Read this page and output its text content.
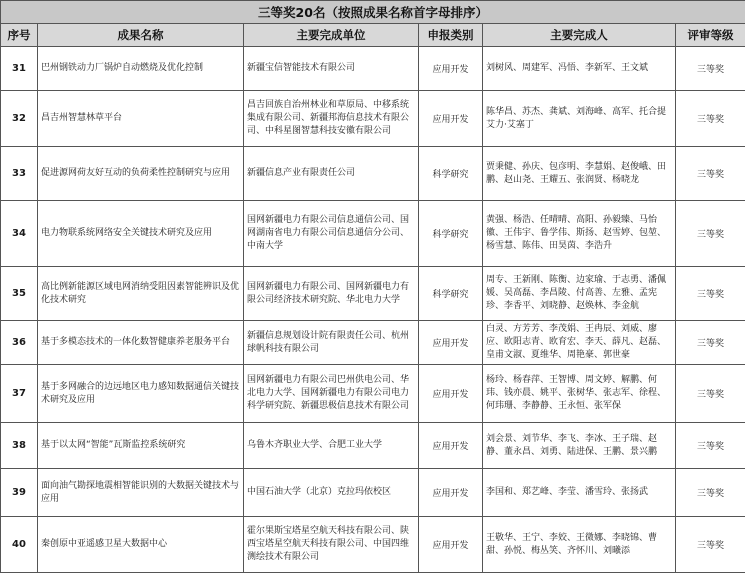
三等奖20名（按照成果名称首字母排序）					
序号	成果名称	主要完成单位	申报类别	主要完成人	评审等级
31	巴州钢铁动力厂锅炉自动燃烧及优化控制	新疆宝信智能技术有限公司	应用开发	刘树风、周建军、冯悟、李新军、王文斌	三等奖
32	昌吉州智慧林草平台	昌吉回族自治州林业和草原局、中移系统集成有限公司、新疆邦海信息技术有限公司、中科星图智慧科技安徽有限公司	应用开发	陈华昌、苏杰、龚斌、刘海峰、高军、托合提艾力·艾塞丁	三等奖
33	促进源网荷友好互动的负荷柔性控制研究与应用	新疆信息产业有限责任公司	科学研究	贾秉健、孙庆、包彦明、李慧娟、赵俊峨、田鹏、赵山尧、王耀五、张润贤、杨晓龙	三等奖
34	电力物联系统网络安全关键技术研究及应用	国网新疆电力有限公司信息通信公司、国网湖南省电力有限公司信息通信分公司、中南大学	科学研究	黄强、杨浩、任晴晴、高阳、孙毅臻、马怡徽、王伟宇、鲁学伟、斯扬、赵雪婷、包堃、杨雪慧、陈伟、田昊茵、李浩升	三等奖
35	高比例新能源区域电网消纳受阻因素智能辨识及优化技术研究	国网新疆电力有限公司、国网新疆电力有限公司经济技术研究院、华北电力大学	科学研究	周专、王新刚、陈衡、边家瑜、于志勇、潘佩媛、吴高磊、李昌陵、付高善、左雅、孟宪珍、李香平、刘晓静、赵焕林、李金航	三等奖
36	基于多模态技术的一体化数智健康养老服务平台	新疆信息规划设计院有限责任公司、杭州球帆科技有限公司	应用开发	白灵、方芳芳、李茂娟、王冉辰、刘威、廖应、欧阳志青、欧育宏、李天、薛凡、赵磊、皇甫文淑、夏维华、周艳豪、郭世豪	三等奖
37	基于多网融合的边远地区电力感知数据通信关键技术研究及应用	国网新疆电力有限公司巴州供电公司、华北电力大学、国网新疆电力有限公司电力科学研究院、新疆思极信息技术有限公司	应用开发	杨玲、杨春萍、王智博、周文婷、解鹏、何玮、钱亦晨、姚平、张树华、张志军、徐程、何玮珊、李静静、王永恒、张军保	三等奖
38	基于以太网“智能”瓦斯监控系统研究	乌鲁木齐职业大学、合肥工业大学	应用开发	刘会景、刘节华、李飞、李冰、王子瑞、赵静、董永昌、刘勇、陆进保、王鹏、景兴鹏	三等奖
39	面向油气勘探地震相智能识别的大数据关键技术与应用	中国石油大学（北京）克拉玛依校区	应用开发	李国和、郑艺峰、李莹、潘雪玲、张扬武	三等奖
40	秦创原中亚遥感卫星大数据中心	霍尔果斯宝塔星空航天科技有限公司、陕西宝塔星空航天科技有限公司、中国四维测绘技术有限公司	应用开发	王敬华、王宁、李姣、王微娜、李晓锦、曹甜、孙悦、梅丛笑、齐怀川、刘曦添	三等奖
